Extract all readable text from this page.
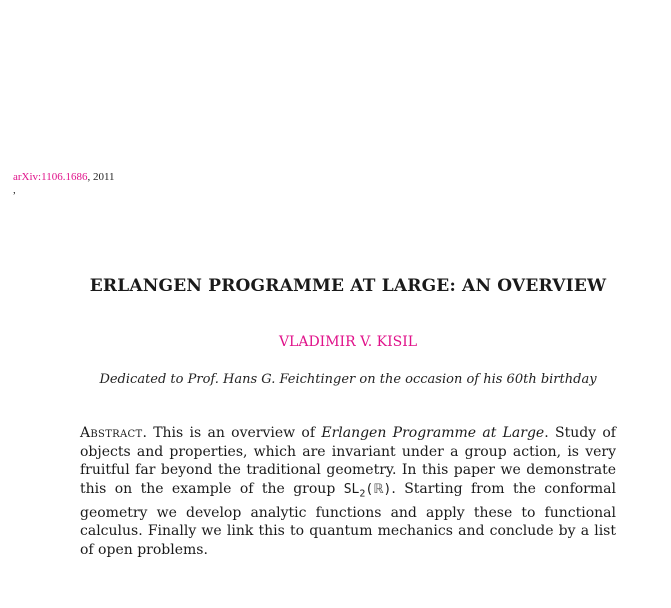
arXiv:1106.1686, 2011
,
ERLANGEN PROGRAMME AT LARGE: AN OVERVIEW
VLADIMIR V. KISIL
Dedicated to Prof. Hans G. Feichtinger on the occasion of his 60th birthday
Abstract. This is an overview of Erlangen Programme at Large. Study of objects and properties, which are invariant under a group action, is very fruitful far beyond the traditional geometry. In this paper we demonstrate this on the example of the group $SL_2(ℝ)$. Starting from the conformal geometry we develop analytic functions and apply these to functional calculus. Finally we link this to quantum mechanics and conclude by a list of open problems.
